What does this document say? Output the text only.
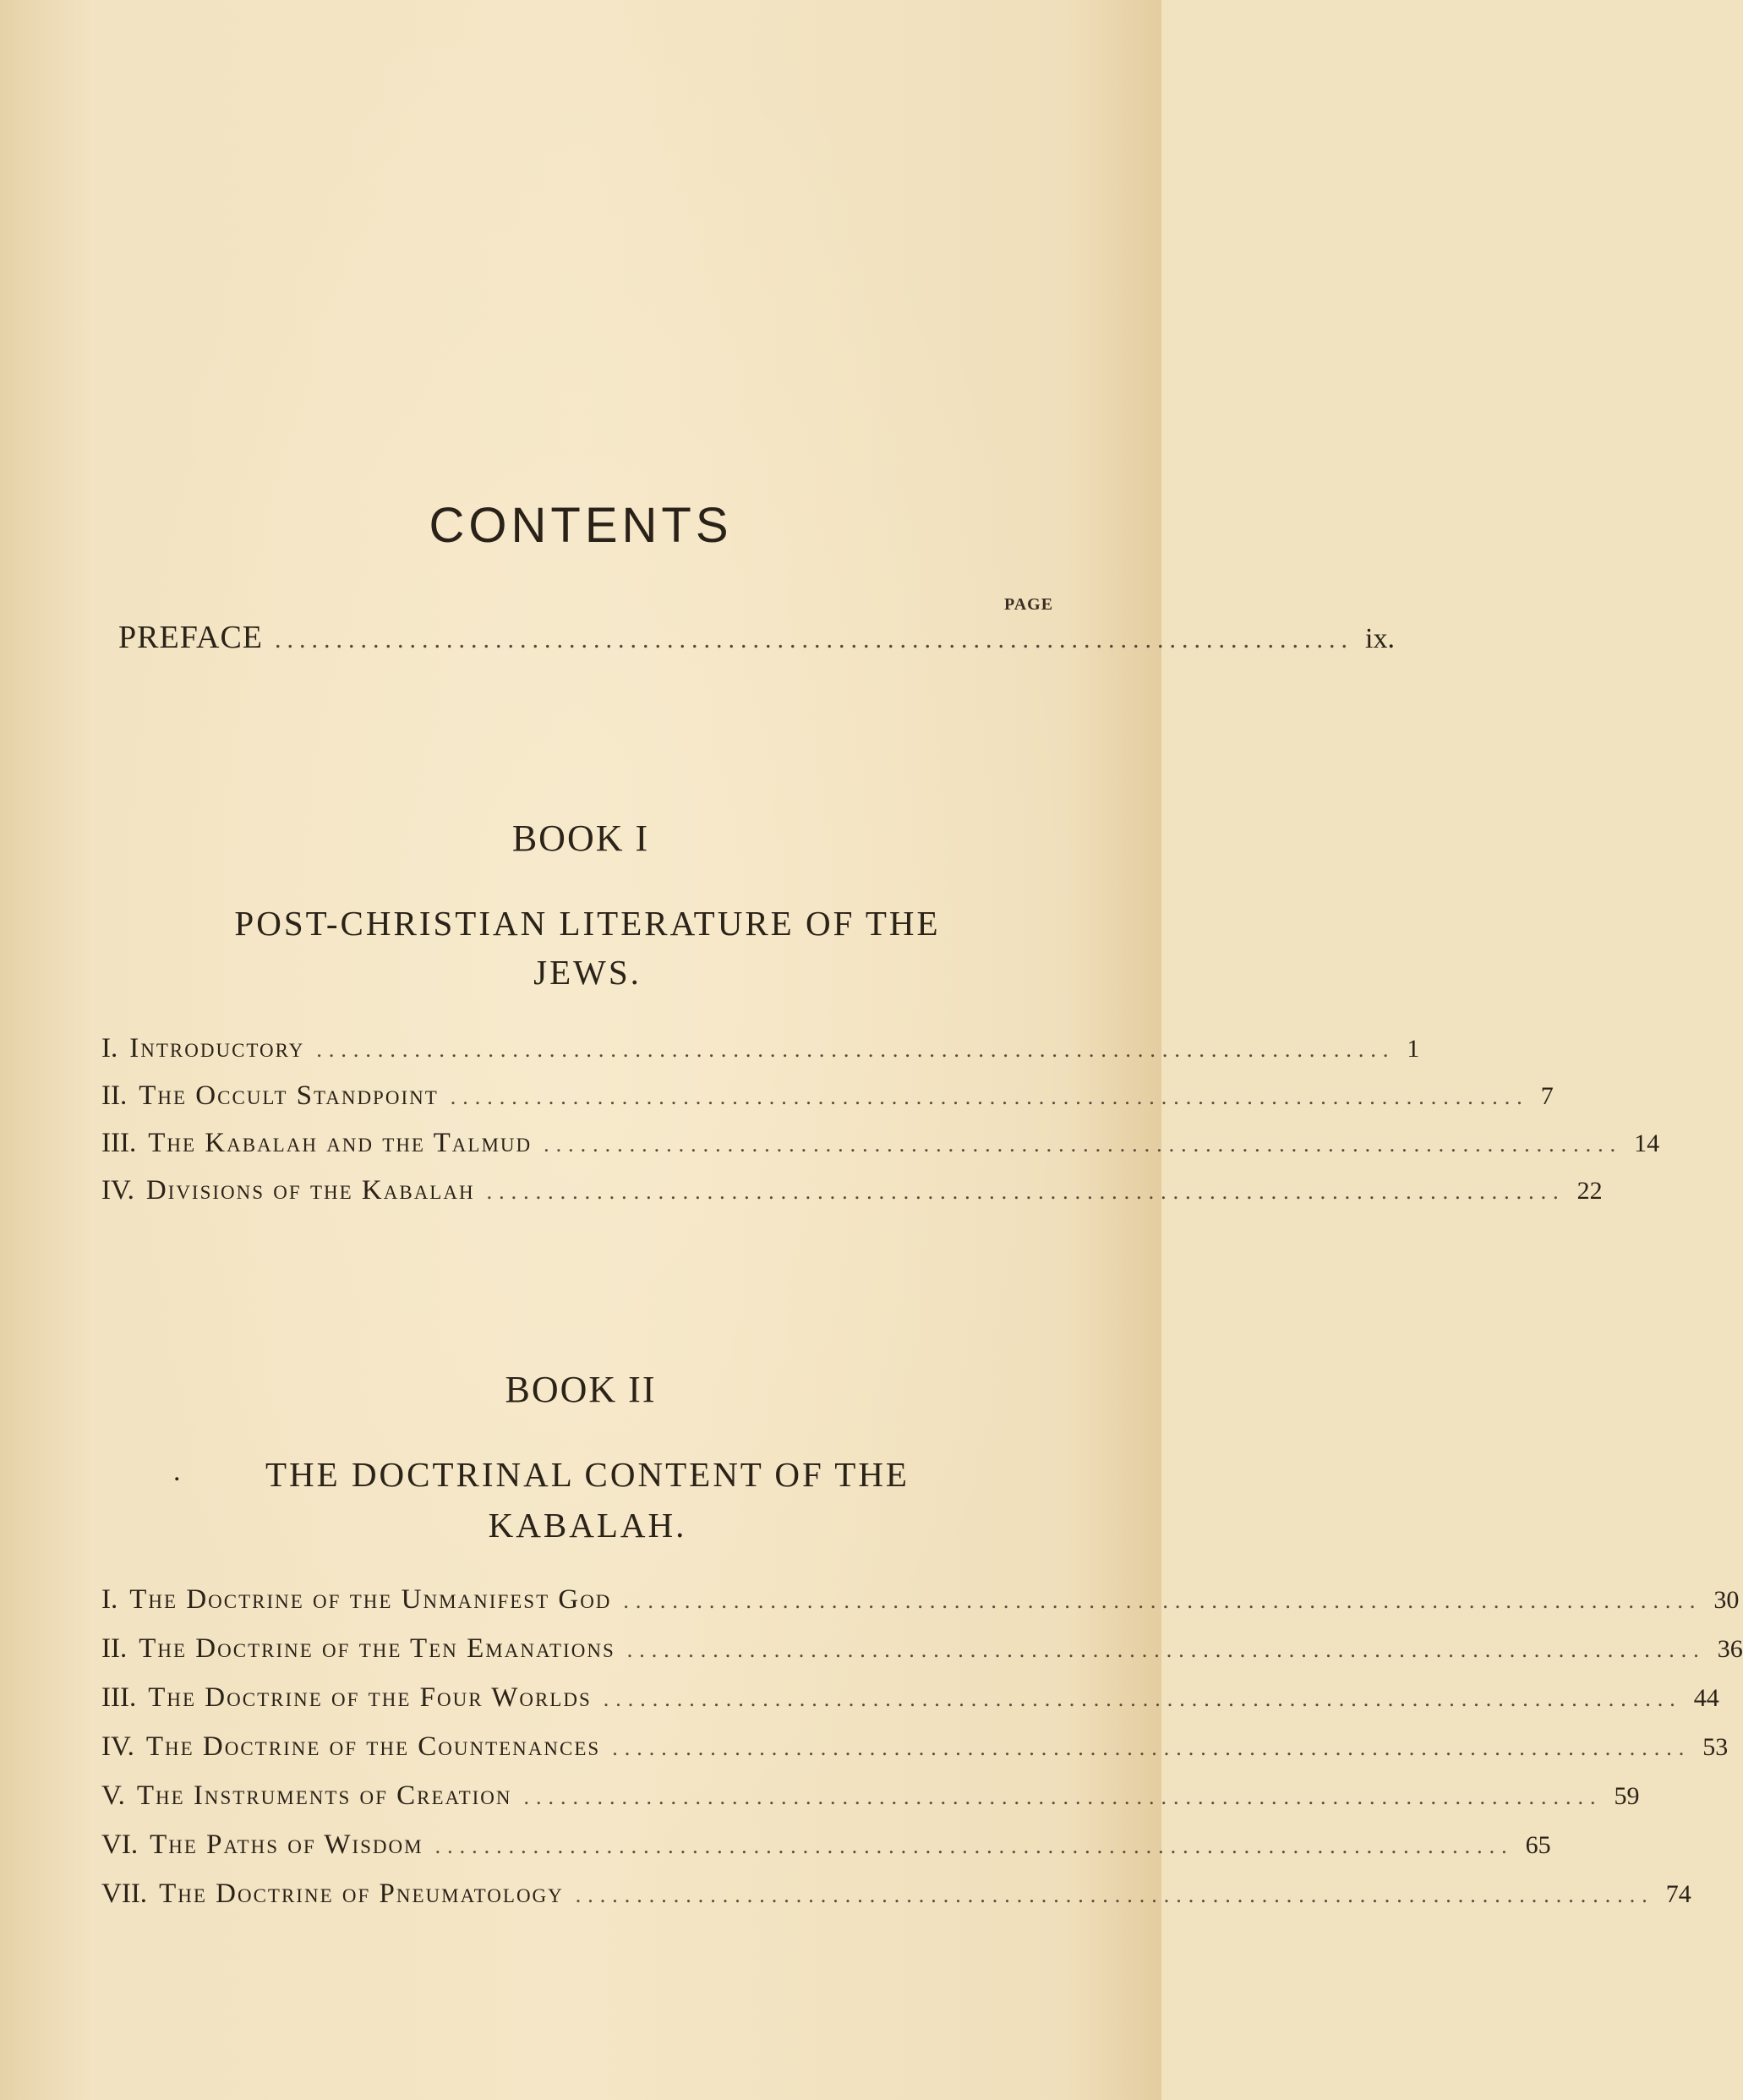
CONTENTS
PAGE
PREFACE ........................................................................................ ix.
BOOK I
POST-CHRISTIAN LITERATURE OF THE
JEWS.
I. Introductory ........................................................................................ 1
II. The Occult Standpoint ........................................................................................ 7
III. The Kabalah and the Talmud ........................................................................................ 14
IV. Divisions of the Kabalah ........................................................................................ 22
BOOK II
.	THE DOCTRINAL CONTENT OF THE
KABALAH.
I. The Doctrine of the Unmanifest God ........................................................................................ 30
II. The Doctrine of the Ten Emanations ........................................................................................ 36
III. The Doctrine of the Four Worlds ........................................................................................ 44
IV. The Doctrine of the Countenances ........................................................................................ 53
V. The Instruments of Creation ........................................................................................ 59
VI. The Paths of Wisdom ........................................................................................ 65
VII. The Doctrine of Pneumatology ........................................................................................ 74
